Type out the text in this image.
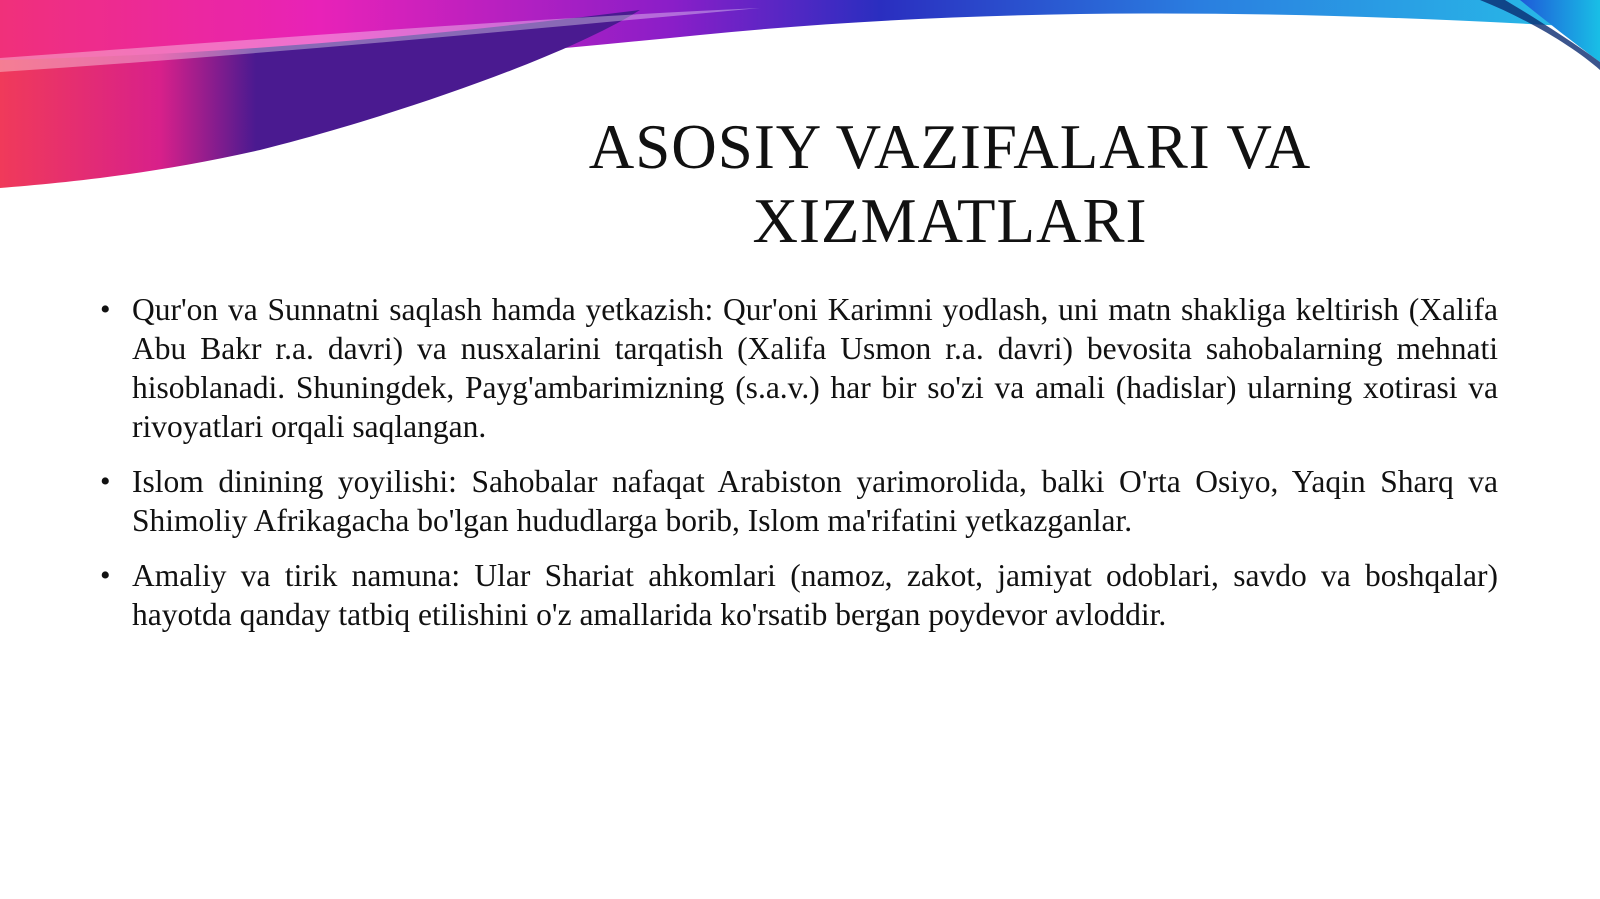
ASOSIY VAZIFALARI VA
XIZMATLARI
• Qur'on va Sunnatni saqlash hamda yetkazish: Qur'oni Karimni yodlash, uni matn shakliga keltirish (Xalifa Abu Bakr r.a. davri) va nusxalarini tarqatish (Xalifa Usmon r.a. davri) bevosita sahobalarning mehnati hisoblanadi. Shuningdek, Payg'ambarimizning (s.a.v.) har bir so'zi va amali (hadislar) ularning xotirasi va rivoyatlari orqali saqlangan.
• Islom dinining yoyilishi: Sahobalar nafaqat Arabiston yarimorolida, balki O'rta Osiyo, Yaqin Sharq va Shimoliy Afrikagacha bo'lgan hududlarga borib, Islom ma'rifatini yetkazganlar.
• Amaliy va tirik namuna: Ular Shariat ahkomlari (namoz, zakot, jamiyat odoblari, savdo va boshqalar) hayotda qanday tatbiq etilishini o'z amallarida ko'rsatib bergan poydevor avloddir.
